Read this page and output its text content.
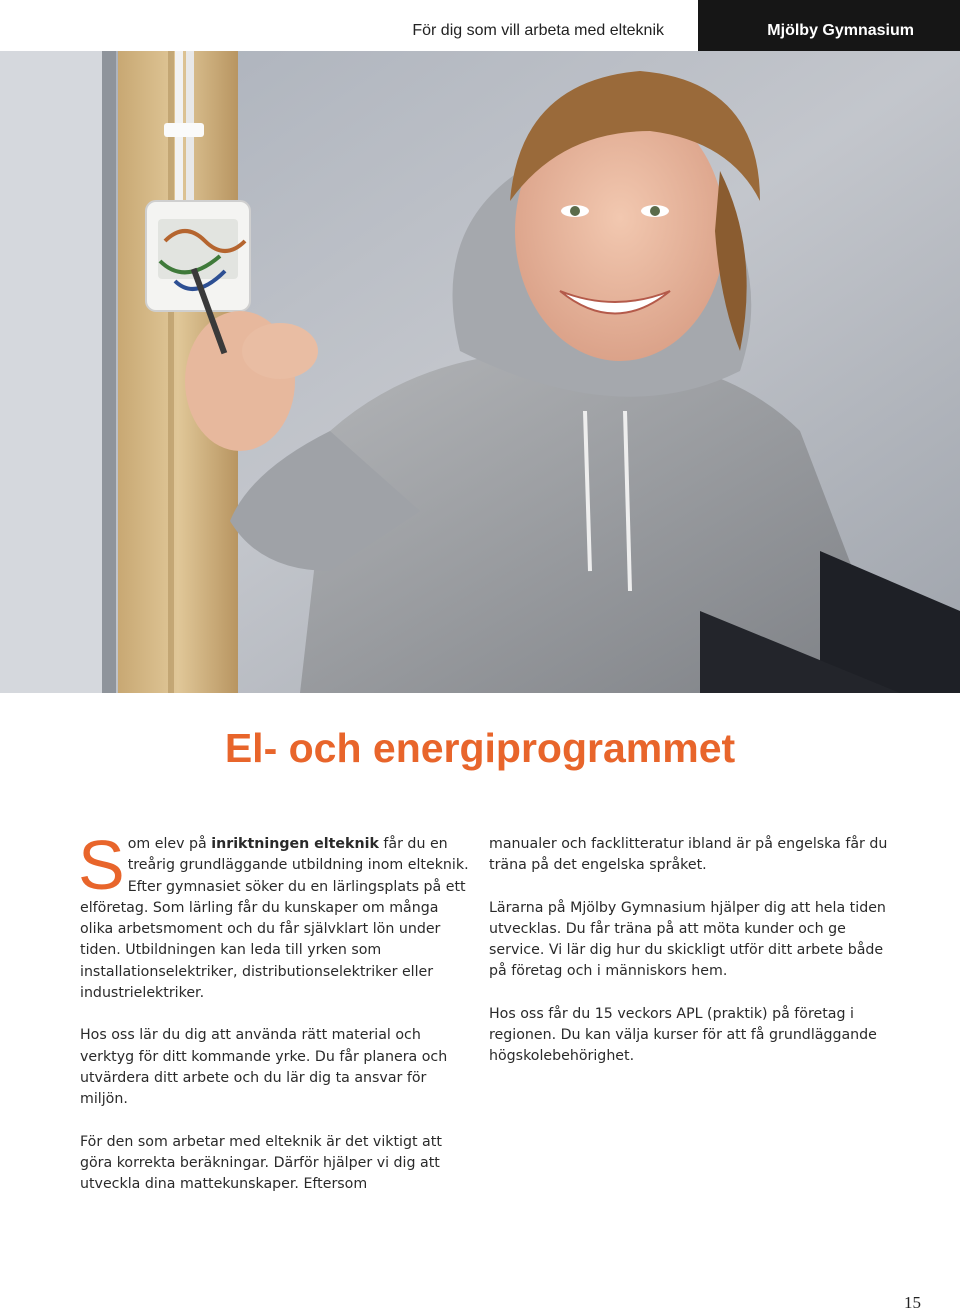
För dig som vill arbeta med elteknik	Mjölby Gymnasium
El- och energiprogrammet

Som elev på inriktningen elteknik får du en treårig grundläggande utbildning inom elteknik. Efter gymnasiet söker du en lärlingsplats på ett elföretag. Som lärling får du kunskaper om många olika arbetsmoment och du får självklart lön under tiden. Utbildningen kan leda till yrken som installationselektriker, distributionselektriker eller industrielektriker.

Hos oss lär du dig att använda rätt material och verktyg för ditt kommande yrke. Du får planera och utvärdera ditt arbete och du lär dig ta ansvar för miljön.

För den som arbetar med elteknik är det viktigt att göra korrekta beräkningar. Därför hjälper vi dig att utveckla dina mattekunskaper. Eftersom

manualer och facklitteratur ibland är på engelska får du träna på det engelska språket.

Lärarna på Mjölby Gymnasium hjälper dig att hela tiden utvecklas. Du får träna på att möta kunder och ge service. Vi lär dig hur du skickligt utför ditt arbete både på företag och i människors hem.

Hos oss får du 15 veckors APL (praktik) på företag i regionen. Du kan välja kurser för att få grundläggande högskolebehörighet.

15
